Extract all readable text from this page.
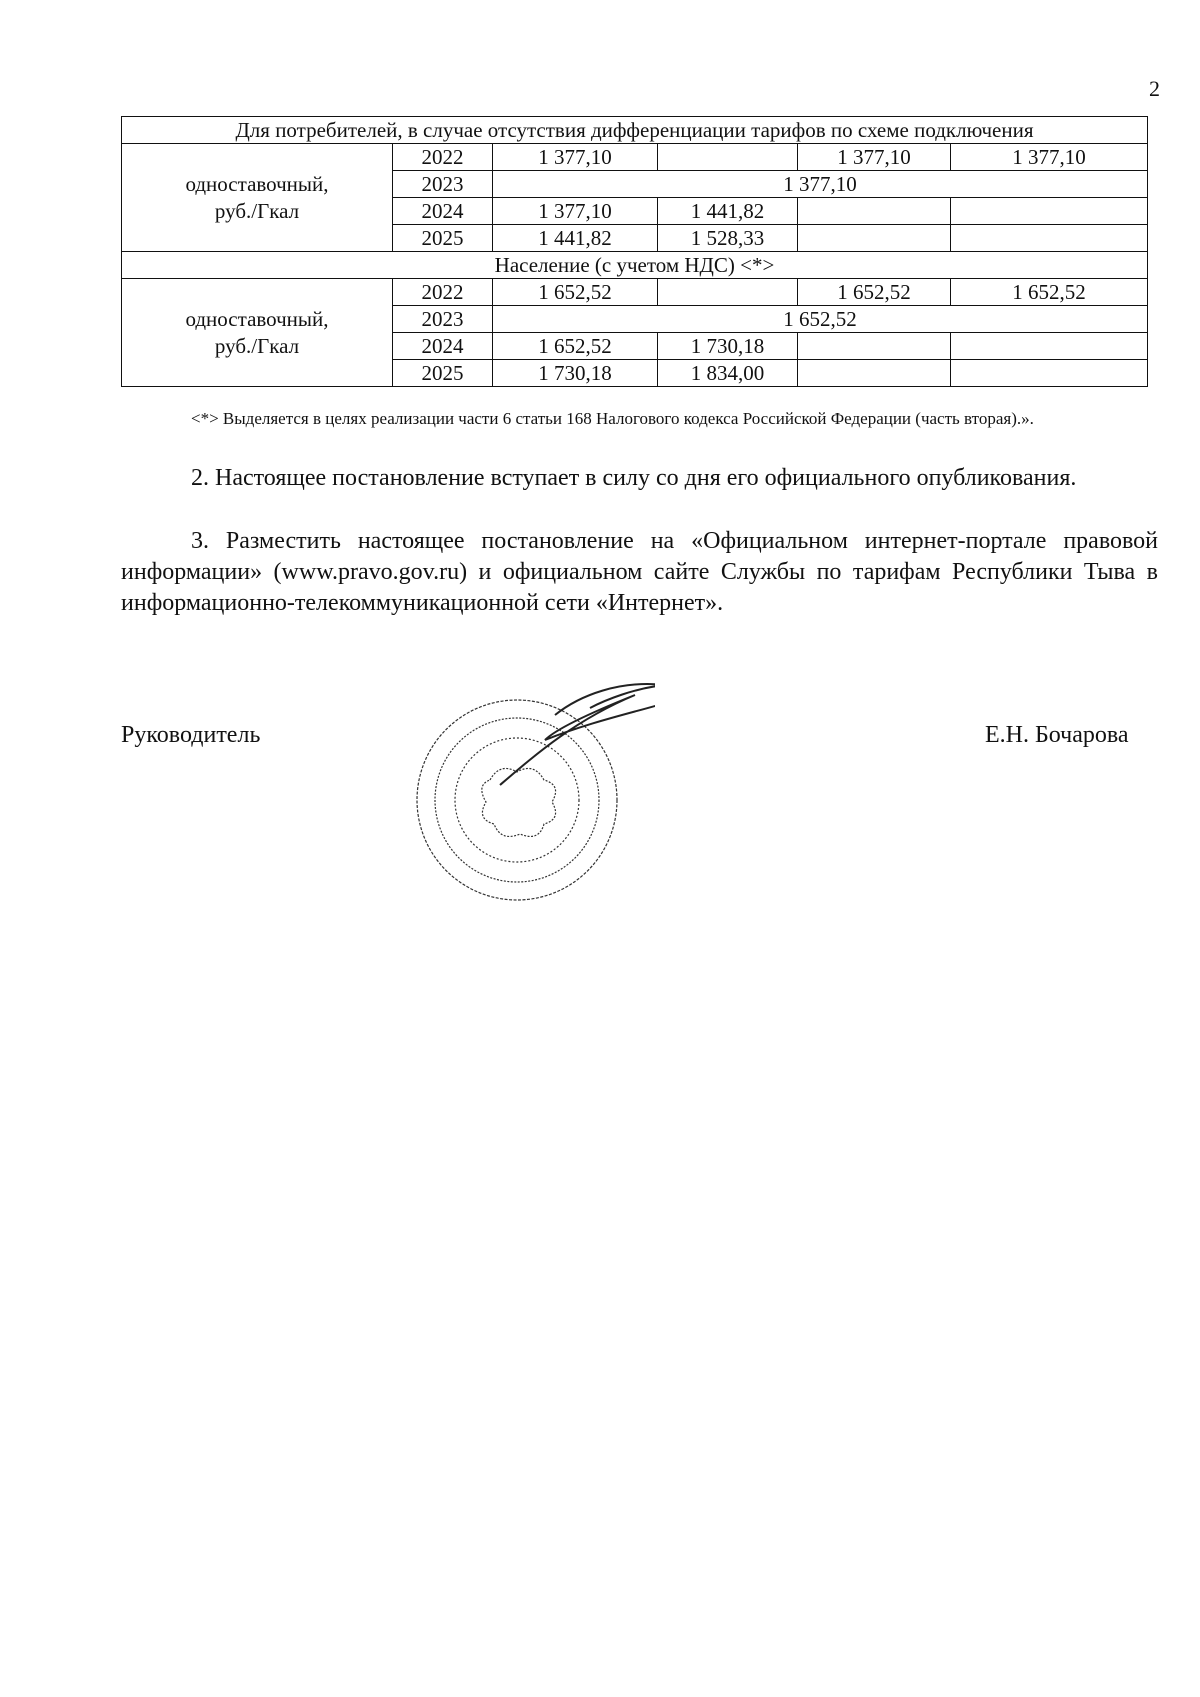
2
Для потребителей, в случае отсутствия дифференциации тарифов по схеме подключения					

одноставочный,
руб./Гкал	2022	1 377,10		1 377,10	1 377,10
	2023	1 377,10			
	2024	1 377,10	1 441,82		
	2025	1 441,82	1 528,33		
Население (с учетом НДС) <*>					

одноставочный,
руб./Гкал	2022	1 652,52		1 652,52	1 652,52
	2023	1 652,52			
	2024	1 652,52	1 730,18		
	2025	1 730,18	1 834,00		
<*> Выделяется в целях реализации части 6 статьи 168 Налогового кодекса Российской Федерации (часть вторая).».
2. Настоящее постановление вступает в силу со дня его официального опубликования.
3. Разместить настоящее постановление на «Официальном интернет-портале правовой информации» (www.pravo.gov.ru) и официальном сайте Службы по тарифам Республики Тыва в информационно-телекоммуникационной сети «Интернет».
Руководитель	Е.Н. Бочарова
